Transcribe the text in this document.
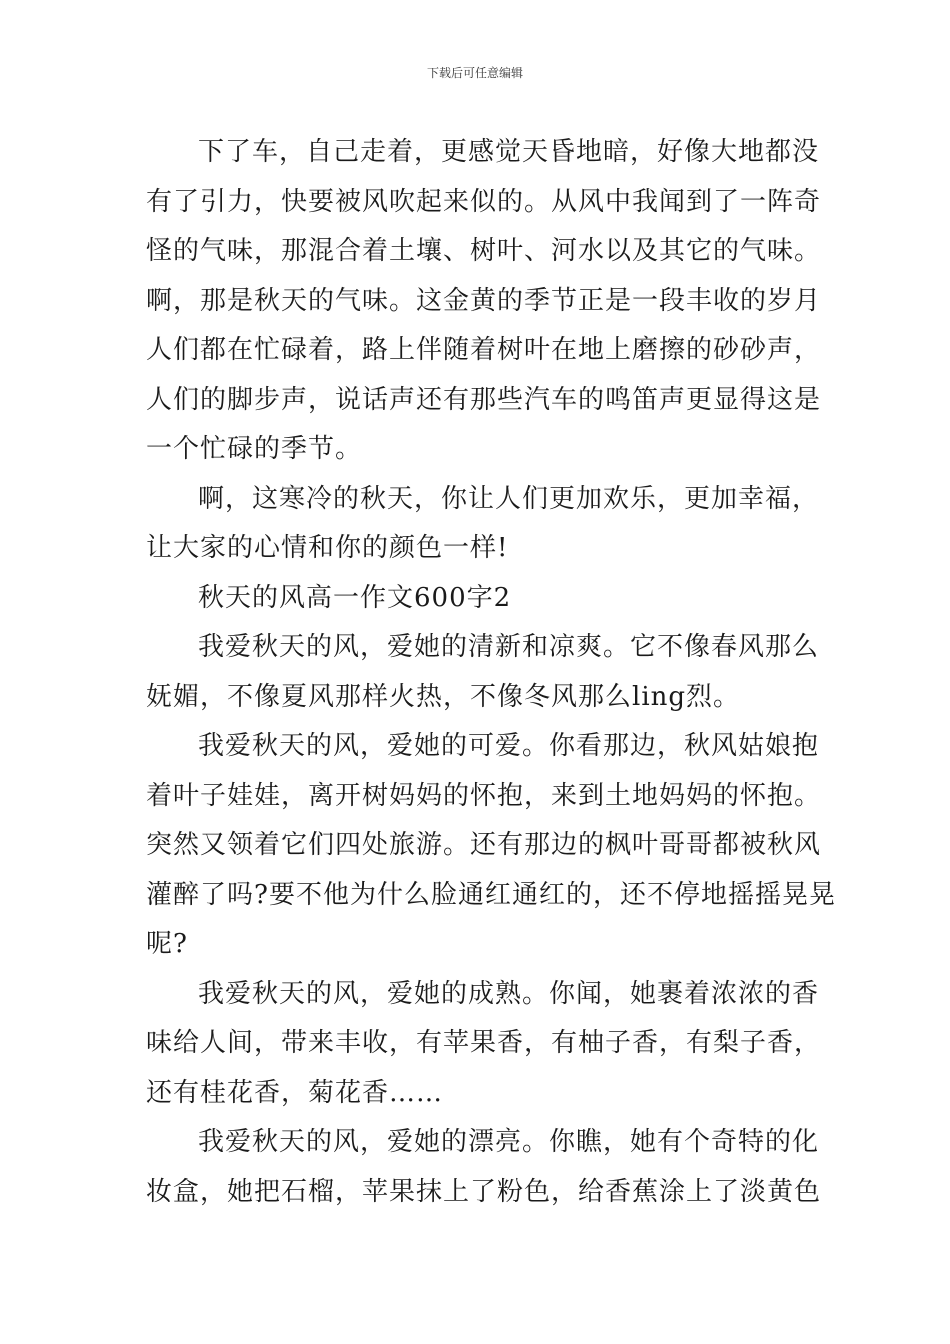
下载后可任意编辑
下了车，自己走着，更感觉天昏地暗，好像大地都没
有了引力，快要被风吹起来似的。从风中我闻到了一阵奇
怪的气味，那混合着土壤、树叶、河水以及其它的气味。
啊，那是秋天的气味。这金黄的季节正是一段丰收的岁月
人们都在忙碌着，路上伴随着树叶在地上磨擦的砂砂声，
人们的脚步声，说话声还有那些汽车的鸣笛声更显得这是
一个忙碌的季节。
啊，这寒冷的秋天，你让人们更加欢乐，更加幸福，
让大家的心情和你的颜色一样!
秋天的风高一作文600字2
我爱秋天的风，爱她的清新和凉爽。它不像春风那么
妩媚，不像夏风那样火热，不像冬风那么ling烈。
我爱秋天的风，爱她的可爱。你看那边，秋风姑娘抱
着叶子娃娃，离开树妈妈的怀抱，来到土地妈妈的怀抱。
突然又领着它们四处旅游。还有那边的枫叶哥哥都被秋风
灌醉了吗?要不他为什么脸通红通红的，还不停地摇摇晃晃
呢?
我爱秋天的风，爱她的成熟。你闻，她裹着浓浓的香
味给人间，带来丰收，有苹果香，有柚子香，有梨子香，
还有桂花香，菊花香……
我爱秋天的风，爱她的漂亮。你瞧，她有个奇特的化
妆盒，她把石榴，苹果抹上了粉色，给香蕉涂上了淡黄色
